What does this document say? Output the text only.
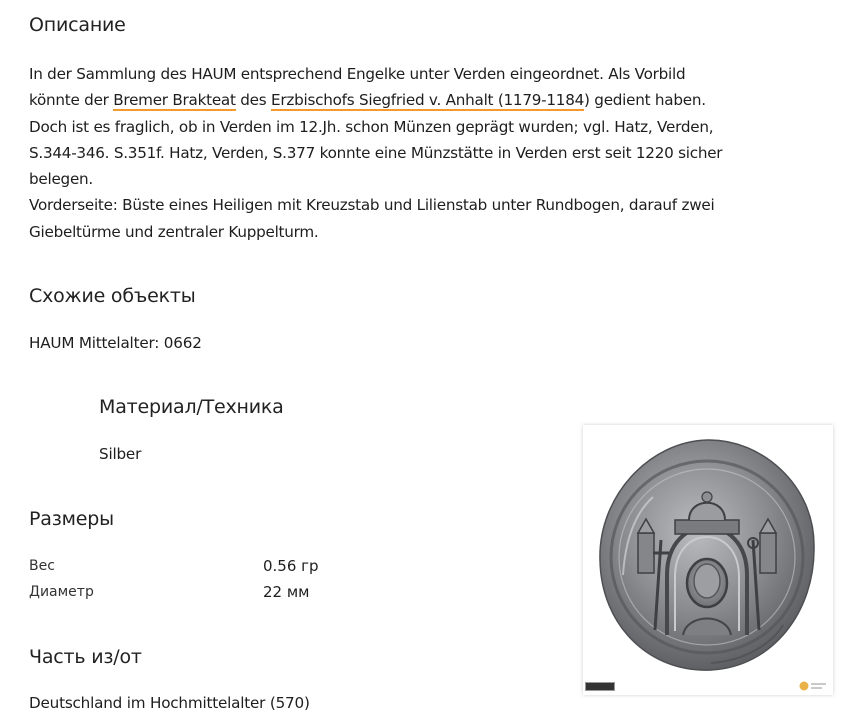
Описание
In der Sammlung des HAUM entsprechend Engelke unter Verden eingeordnet. Als Vorbild könnte der Bremer Brakteat des Erzbischofs Siegfried v. Anhalt (1179-1184) gedient haben. Doch ist es fraglich, ob in Verden im 12.Jh. schon Münzen geprägt wurden; vgl. Hatz, Verden, S.344-346. S.351f. Hatz, Verden, S.377 konnte eine Münzstätte in Verden erst seit 1220 sicher belegen.
Vorderseite: Büste eines Heiligen mit Kreuzstab und Lilienstab unter Rundbogen, darauf zwei Giebeltürme und zentraler Kuppelturm.
Схожие объекты
HAUM Mittelalter: 0662
Материал/Техника
Silber
Размеры
Вес	0.56 гр
Диаметр	22 мм
Часть из/от
Deutschland im Hochmittelalter (570)
